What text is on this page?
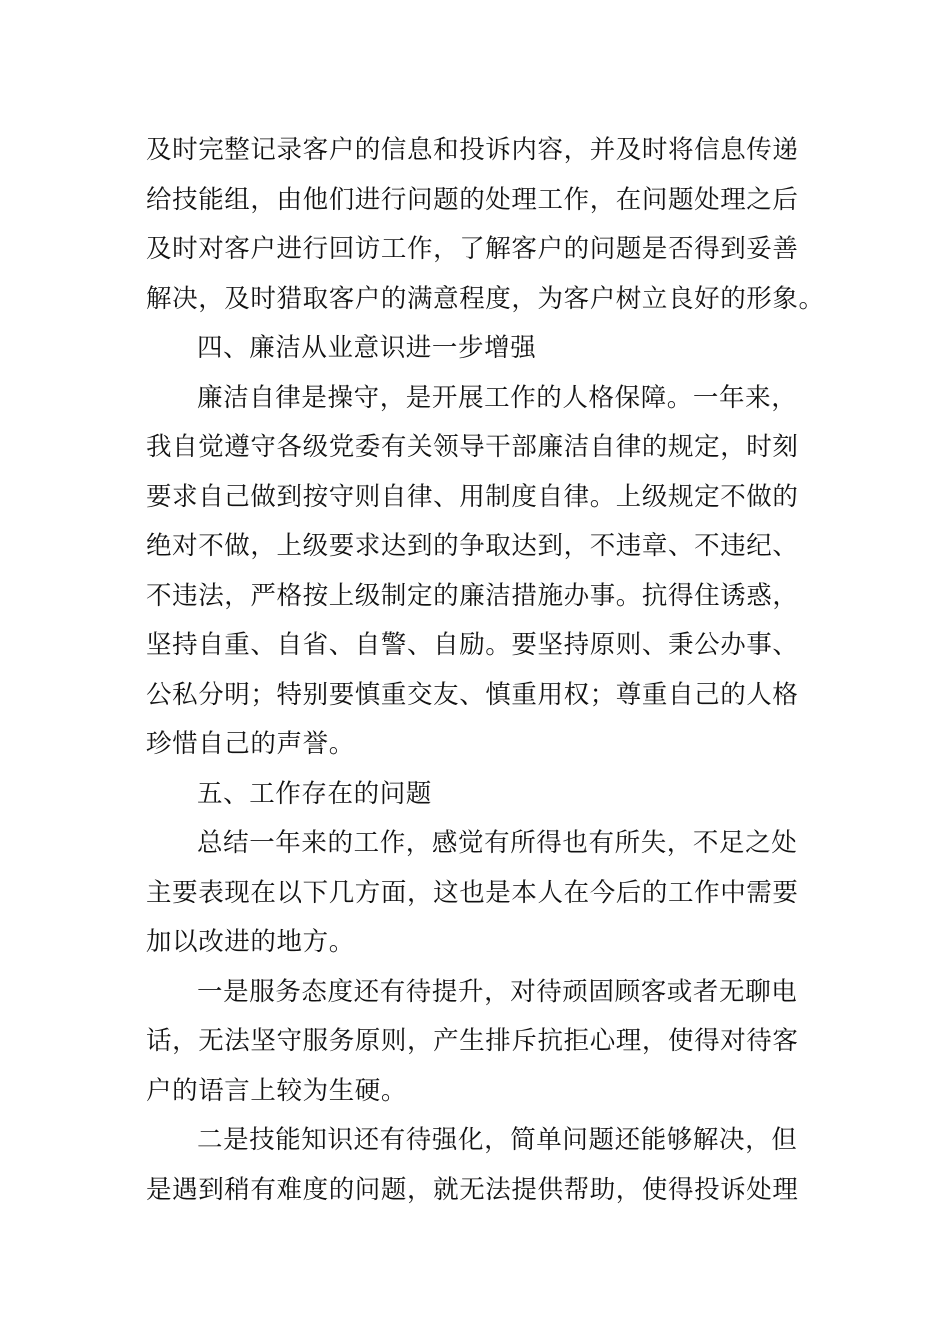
及时完整记录客户的信息和投诉内容，并及时将信息传递
给技能组，由他们进行问题的处理工作，在问题处理之后
及时对客户进行回访工作，了解客户的问题是否得到妥善
解决，及时猎取客户的满意程度，为客户树立良好的形象。
四、廉洁从业意识进一步增强
廉洁自律是操守，是开展工作的人格保障。一年来，
我自觉遵守各级党委有关领导干部廉洁自律的规定，时刻
要求自己做到按守则自律、用制度自律。上级规定不做的
绝对不做，上级要求达到的争取达到，不违章、不违纪、
不违法，严格按上级制定的廉洁措施办事。抗得住诱惑，
坚持自重、自省、自警、自励。要坚持原则、秉公办事、
公私分明；特别要慎重交友、慎重用权；尊重自己的人格
珍惜自己的声誉。
五、工作存在的问题
总结一年来的工作，感觉有所得也有所失，不足之处
主要表现在以下几方面，这也是本人在今后的工作中需要
加以改进的地方。
一是服务态度还有待提升，对待顽固顾客或者无聊电
话，无法坚守服务原则，产生排斥抗拒心理，使得对待客
户的语言上较为生硬。
二是技能知识还有待强化，简单问题还能够解决，但
是遇到稍有难度的问题，就无法提供帮助，使得投诉处理
